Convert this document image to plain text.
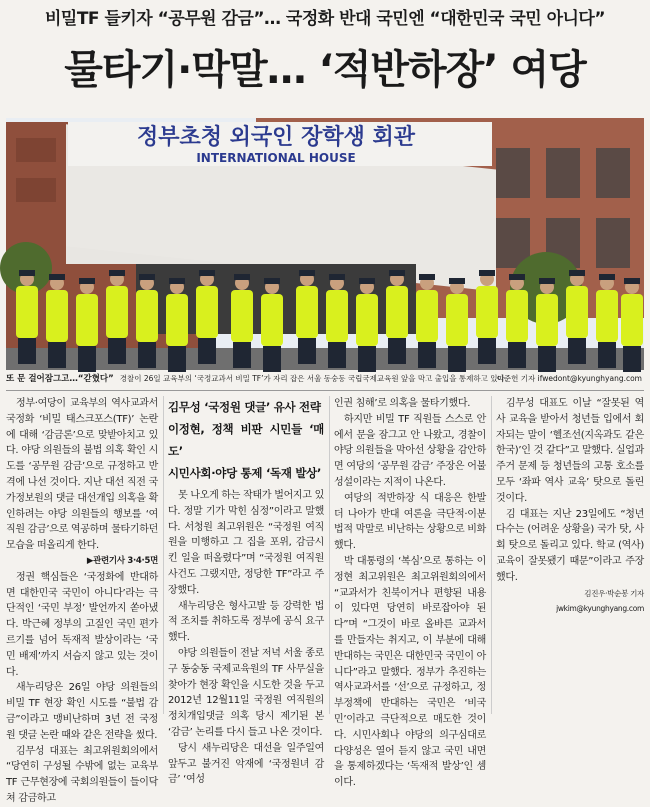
비밀TF 들키자 “공무원 감금”… 국정화 반대 국민엔 “대한민국 국민 아니다”
물타기·막말… ‘적반하장’ 여당
정부초청 외국인 장학생 회관
INTERNATIONAL HOUSE
또 문 걸어잠그고…“갇혔다” 경찰이 26일 교육부의 ‘국정교과서 비밀 TF’가 자리 잡은 서울 동숭동 국립국제교육원 앞을 막고 출입을 통제하고 있다.
이준헌 기자 ifwedont@kyunghyang.com

정부·여당이 교육부의 역사교과서 국정화 ‘비밀 태스크포스(TF)’ 논란에 대해 ‘감금론’으로 맞받아치고 있다. 야당 의원들의 불법 의혹 확인 시도를 ‘공무원 감금’으로 규정하고 반격에 나선 것이다. 지난 대선 직전 국가정보원의 댓글 대선개입 의혹을 확인하려는 야당 의원들의 행보를 ‘여직원 감금’으로 역공하며 물타기하던 모습을 떠올리게 한다.

▶관련기사 3·4·5면

정권 핵심들은 ‘국정화에 반대하면 대한민국 국민이 아니다’라는 극단적인 ‘국민 부정’ 발언까지 쏟아냈다. 박근혜 정부의 고질인 국민 편가르기를 넘어 독재적 발상이라는 ‘국민 배제’까지 서슴지 않고 있는 것이다.

새누리당은 26일 야당 의원들의 비밀 TF 현장 확인 시도를 “불법 감금”이라고 맹비난하며 3년 전 국정원 댓글 논란 때와 같은 전략을 썼다.

김무성 대표는 최고위원회의에서 “당연히 구성될 수밖에 없는 교육부 TF 근무현장에 국회의원들이 들이닥쳐 감금하고

김무성 ‘국정원 댓글’ 유사 전략
이정현, 정책 비판 시민들 ‘매도’
시민사회·야당 통제 ‘독재 발상’

못 나오게 하는 작태가 벌어지고 있다. 정말 기가 막힌 심정”이라고 말했다. 서청원 최고위원은 “국정원 여직원을 미행하고 그 집을 포위, 감금시킨 일을 떠올렸다”며 “국정원 여직원 사건도 그랬지만, 정당한 TF”라고 주장했다.

새누리당은 형사고발 등 강력한 법적 조치를 취하도록 정부에 공식 요구했다.

야당 의원들이 전날 저녁 서울 종로구 동숭동 국제교육원의 TF 사무실을 찾아가 현장 확인을 시도한 것을 두고 2012년 12월11일 국정원 여직원의 정치개입댓글 의혹 당시 제기된 본 ‘감금’ 논리를 다시 들고 나온 것이다.

당시 새누리당은 대선을 일주일여 앞두고 불거진 악재에 ‘국정원녀 감금’ ‘여성

인권 침해’로 의혹을 물타기했다.

하지만 비밀 TF 직원들 스스로 안에서 문을 잠그고 안 나왔고, 경찰이 야당 의원들을 막아선 상황을 감안하면 여당의 ‘공무원 감금’ 주장은 어불성설이라는 지적이 나온다.

여당의 적반하장 식 대응은 한발 더 나아가 반대 여론을 극단적·이분법적 막말로 비난하는 상황으로 비화했다.

박 대통령의 ‘복심’으로 통하는 이정현 최고위원은 최고위원회의에서 “교과서가 친북이거나 편향된 내용이 있다면 당연히 바로잡아야 된다”며 “그것이 바로 올바른 교과서를 만들자는 취지고, 이 부분에 대해 반대하는 국민은 대한민국 국민이 아니다”라고 말했다. 정부가 추진하는 역사교과서를 ‘선’으로 규정하고, 정부정책에 반대하는 국민은 ‘비국민’이라고 극단적으로 매도한 것이다. 시민사회나 야당의 의구심대로 다양성은 열어 듣지 않고 국민 내면을 통제하겠다는 ‘독재적 발상’인 셈이다.

김무성 대표도 이날 “잘못된 역사 교육을 받아서 청년들 입에서 회자되는 말이 ‘헬조선(지옥과도 같은 한국)’인 것 같다”고 말했다. 실업과 주거 문제 등 청년들의 고통 호소를 모두 ‘좌파 역사 교육’ 탓으로 돌린 것이다.

김 대표는 지난 23일에도 “청년 다수는 (어려운 상황을) 국가 탓, 사회 탓으로 돌리고 있다. 학교 (역사) 교육이 잘못됐기 때문”이라고 주장했다.

김진우·박순봉 기자 jwkim@kyunghyang.com
